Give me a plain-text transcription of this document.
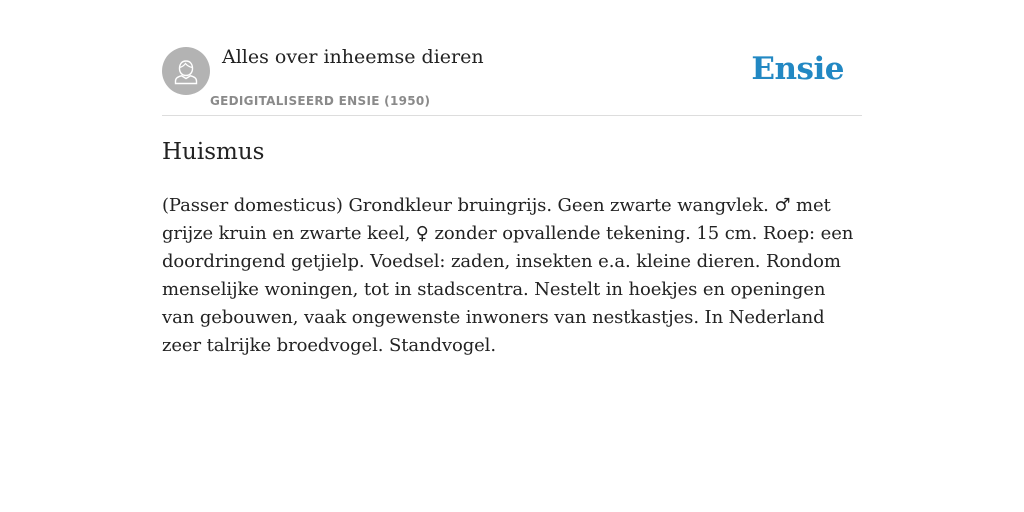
Alles over inheemse dieren
GEDIGITALISEERD ENSIE (1950)
Ensie
Huismus

(Passer domesticus) Grondkleur bruingrijs. Geen zwarte wangvlek. ♂ met grijze kruin en zwarte keel, ♀ zonder opvallende tekening. 15 cm. Roep: een doordringend getjielp. Voedsel: zaden, insekten e.a. kleine dieren. Rondom menselijke woningen, tot in stadscentra. Nestelt in hoekjes en openingen van gebouwen, vaak ongewenste inwoners van nestkastjes. In Nederland zeer talrijke broedvogel. Standvogel.
